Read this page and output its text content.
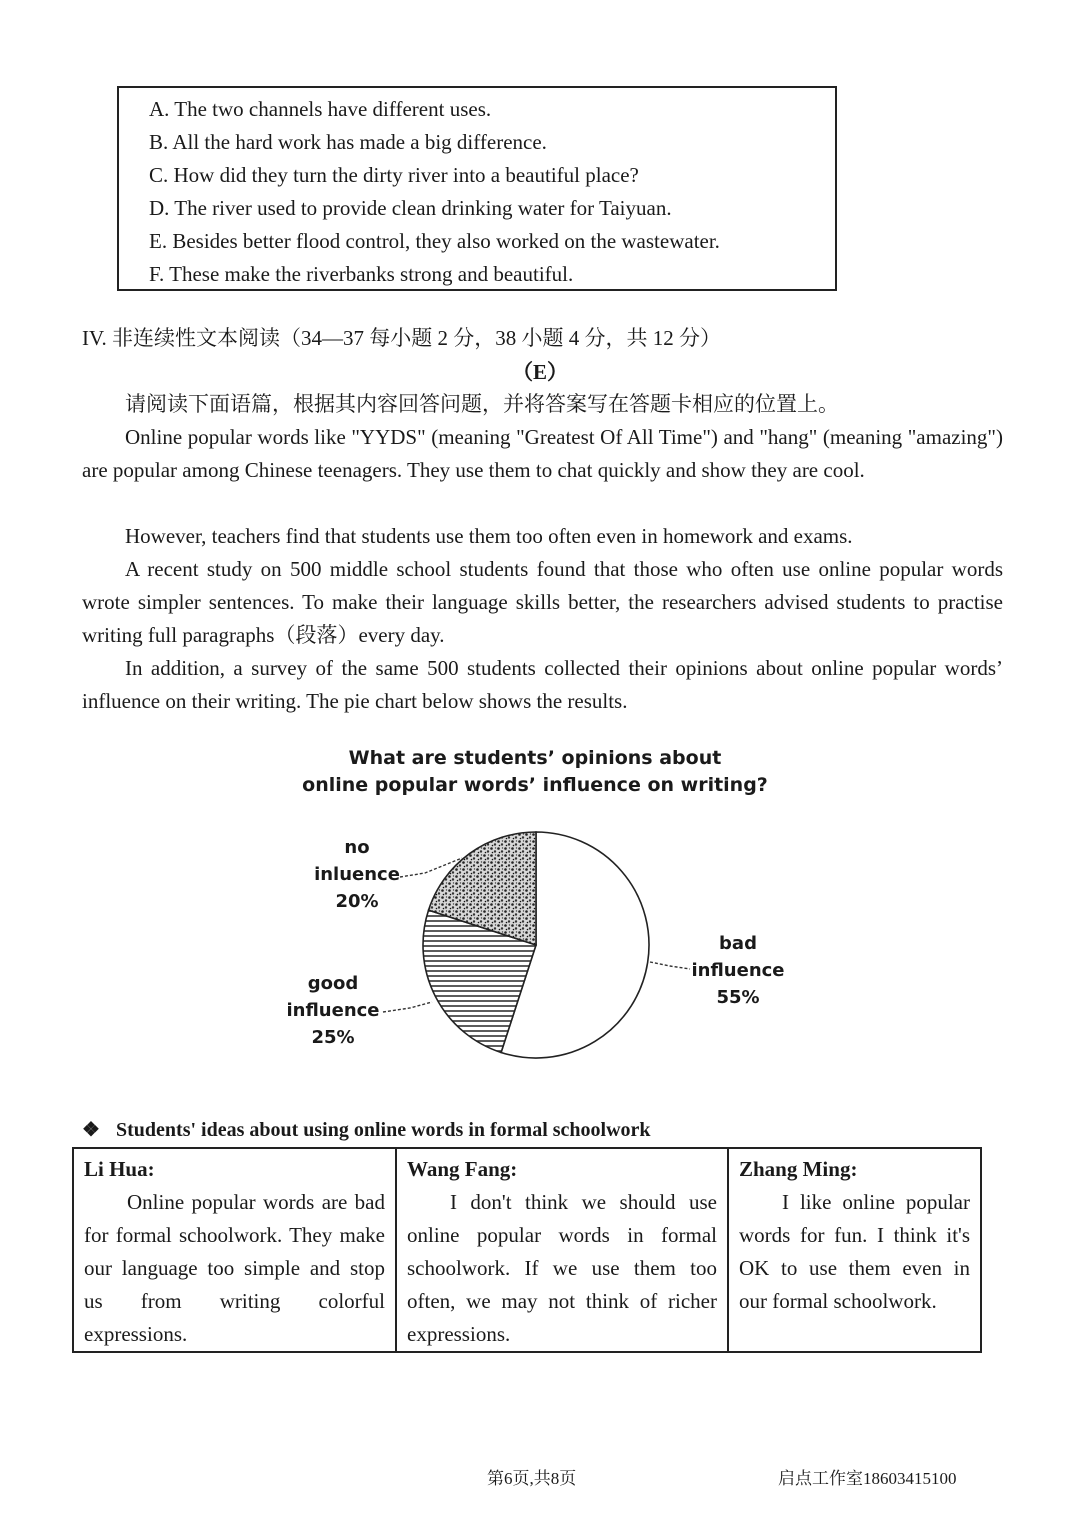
A. The two channels have different uses.
B. All the hard work has made a big difference.
C. How did they turn the dirty river into a beautiful place?
D. The river used to provide clean drinking water for Taiyuan.
E. Besides better flood control, they also worked on the wastewater.
F. These make the riverbanks strong and beautiful.
IV. 非连续性文本阅读（34—37 每小题 2 分，38 小题 4 分，共 12 分）
（E）
请阅读下面语篇，根据其内容回答问题，并将答案写在答题卡相应的位置上。

Online popular words like "YYDS" (meaning "Greatest Of All Time") and "hang" (meaning "amazing") are popular among Chinese teenagers. They use them to chat quickly and show they are cool.

However, teachers find that students use them too often even in homework and exams.

A recent study on 500 middle school students found that those who often use online popular words wrote simpler sentences. To make their language skills better, the researchers advised students to practise writing full paragraphs（段落）every day.

In addition, a survey of the same 500 students collected their opinions about online popular words’ influence on their writing. The pie chart below shows the results.

What are students’ opinions about
online popular words’ influence on writing?
no
inluence
20%
good
influence
25%
bad
influence
55%
❖ Students' ideas about using online words in formal schoolwork
Li Hua:
Online popular words are bad for formal schoolwork. They make our language too simple and stop us from writing colorful expressions.

Wang Fang:
I don't think we should use online popular words in formal schoolwork. If we use them too often, we may not think of richer expressions.

Zhang Ming:
I like online popular words for fun. I think it's OK to use them even in our formal schoolwork.
第6页,共8页	启点工作室18603415100
